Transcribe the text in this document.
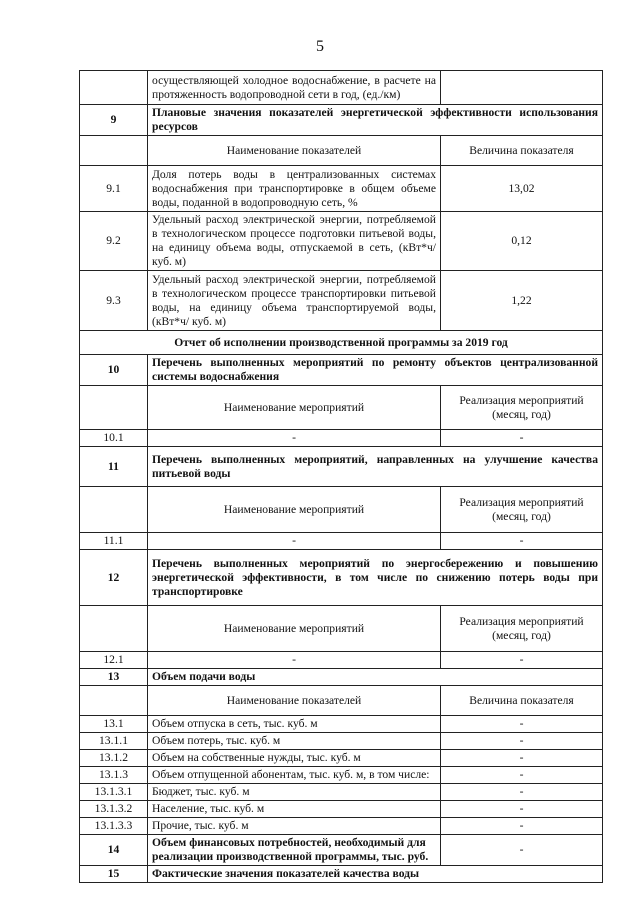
5
	осуществляющей холодное водоснабжение, в расчете на протяженность водопроводной сети в год, (ед./км)	
9	Плановые значения показателей энергетической эффективности использования ресурсов	
	Наименование показателей	Величина показателя
9.1	Доля потерь воды в централизованных системах водоснабжения при транспортировке в общем объеме воды, поданной в водопроводную сеть, %	13,02
9.2	Удельный расход электрической энергии, потребляемой в технологическом процессе подготовки питьевой воды, на единицу объема воды, отпускаемой в сеть, (кВт*ч/куб. м)	0,12
9.3	Удельный расход электрической энергии, потребляемой в технологическом процессе транспортировки питьевой воды, на единицу объема транспортируемой воды, (кВт*ч/ куб. м)	1,22
Отчет об исполнении производственной программы за 2019 год		
10	Перечень выполненных мероприятий по ремонту объектов централизованной системы водоснабжения	
	Наименование мероприятий	Реализация мероприятий (месяц, год)
10.1	-	-
11	Перечень выполненных мероприятий, направленных на улучшение качества питьевой воды	
	Наименование мероприятий	Реализация мероприятий (месяц, год)
11.1	-	-
12	Перечень выполненных мероприятий по энергосбережению и повышению энергетической эффективности, в том числе по снижению потерь воды при транспортировке	
	Наименование мероприятий	Реализация мероприятий (месяц, год)
12.1	-	-
13	Объем подачи воды	
	Наименование показателей	Величина показателя
13.1	Объем отпуска в сеть, тыс. куб. м	-
13.1.1	Объем потерь, тыс. куб. м	-
13.1.2	Объем на собственные нужды, тыс. куб. м	-
13.1.3	Объем отпущенной абонентам, тыс. куб. м, в том числе:	-
13.1.3.1	Бюджет, тыс. куб. м	-
13.1.3.2	Население, тыс. куб. м	-
13.1.3.3	Прочие, тыс. куб. м	-
14	Объем финансовых потребностей, необходимый для реализации производственной программы, тыс. руб.	-
15	Фактические значения показателей качества воды	
